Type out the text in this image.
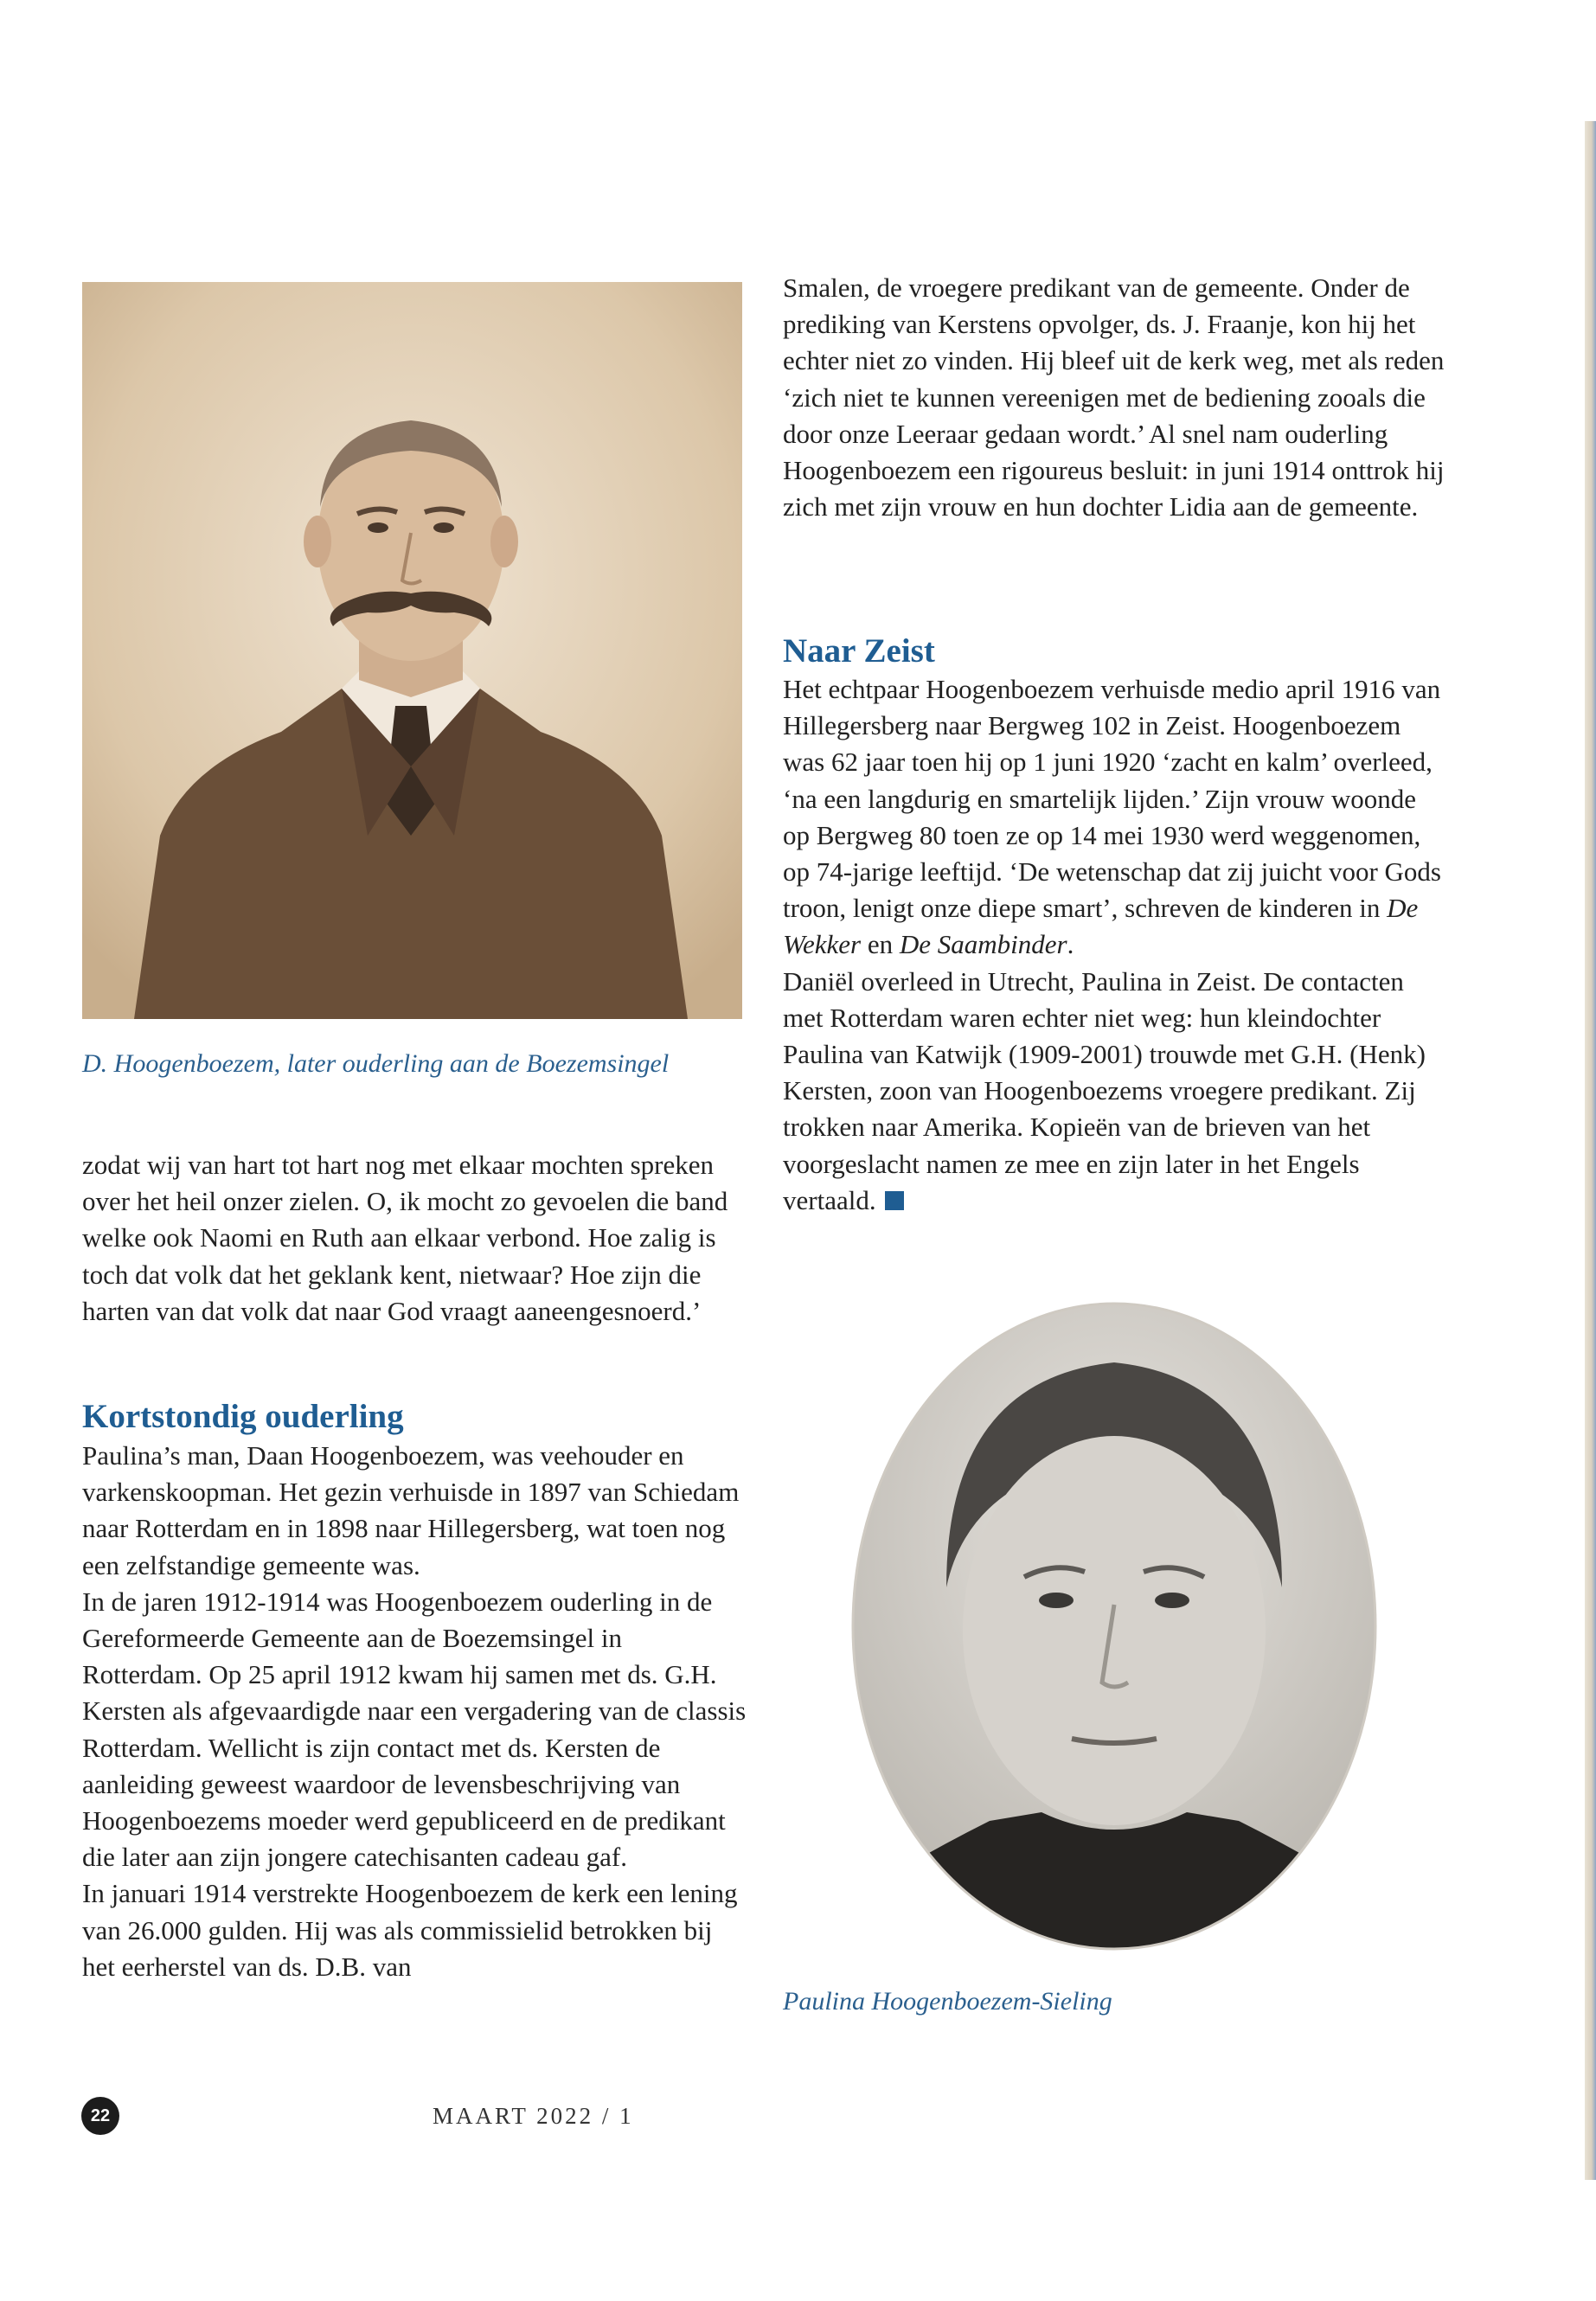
D. Hoogenboezem, later ouderling aan de Boezemsingel

zodat wij van hart tot hart nog met elkaar mochten spreken over het heil onzer zielen. O, ik mocht zo gevoelen die band welke ook Naomi en Ruth aan elkaar verbond. Hoe zalig is toch dat volk dat het geklank kent, nietwaar? Hoe zijn die harten van dat volk dat naar God vraagt aaneengesnoerd.’

Kortstondig ouderling

Paulina’s man, Daan Hoogenboezem, was veehouder en varkenskoopman. Het gezin verhuisde in 1897 van Schiedam naar Rotterdam en in 1898 naar Hillegersberg, wat toen nog een zelfstandige gemeente was.

In de jaren 1912-1914 was Hoogenboezem ouderling in de Gereformeerde Gemeente aan de Boezemsingel in Rotterdam. Op 25 april 1912 kwam hij samen met ds. G.H. Kersten als afgevaardigde naar een vergadering van de classis Rotterdam. Wellicht is zijn contact met ds. Kersten de aanleiding geweest waardoor de levensbeschrijving van Hoogenboezems moeder werd gepubliceerd en de predikant die later aan zijn jongere catechisanten cadeau gaf.

In januari 1914 verstrekte Hoogenboezem de kerk een lening van 26.000 gulden. Hij was als commissielid betrokken bij het eerherstel van ds. D.B. van

Smalen, de vroegere predikant van de gemeente. Onder de prediking van Kerstens opvolger, ds. J. Fraanje, kon hij het echter niet zo vinden. Hij bleef uit de kerk weg, met als reden ‘zich niet te kunnen vereenigen met de bediening zooals die door onze Leeraar gedaan wordt.’ Al snel nam ouderling Hoogenboezem een rigoureus besluit: in juni 1914 onttrok hij zich met zijn vrouw en hun dochter Lidia aan de gemeente.

Naar Zeist

Het echtpaar Hoogenboezem verhuisde medio april 1916 van Hillegersberg naar Bergweg 102 in Zeist. Hoogenboezem was 62 jaar toen hij op 1 juni 1920 ‘zacht en kalm’ overleed, ‘na een langdurig en smartelijk lijden.’ Zijn vrouw woonde op Bergweg 80 toen ze op 14 mei 1930 werd weggenomen, op 74-jarige leeftijd. ‘De wetenschap dat zij juicht voor Gods troon, lenigt onze diepe smart’, schreven de kinderen in De Wekker en De Saambinder.

Daniël overleed in Utrecht, Paulina in Zeist. De contacten met Rotterdam waren echter niet weg: hun kleindochter Paulina van Katwijk (1909-2001) trouwde met G.H. (Henk) Kersten, zoon van Hoogenboezems vroegere predikant. Zij trokken naar Amerika. Kopieën van de brieven van het voorgeslacht namen ze mee en zijn later in het Engels vertaald.

Paulina Hoogenboezem-Sieling
22	MAART 2022 / 1
